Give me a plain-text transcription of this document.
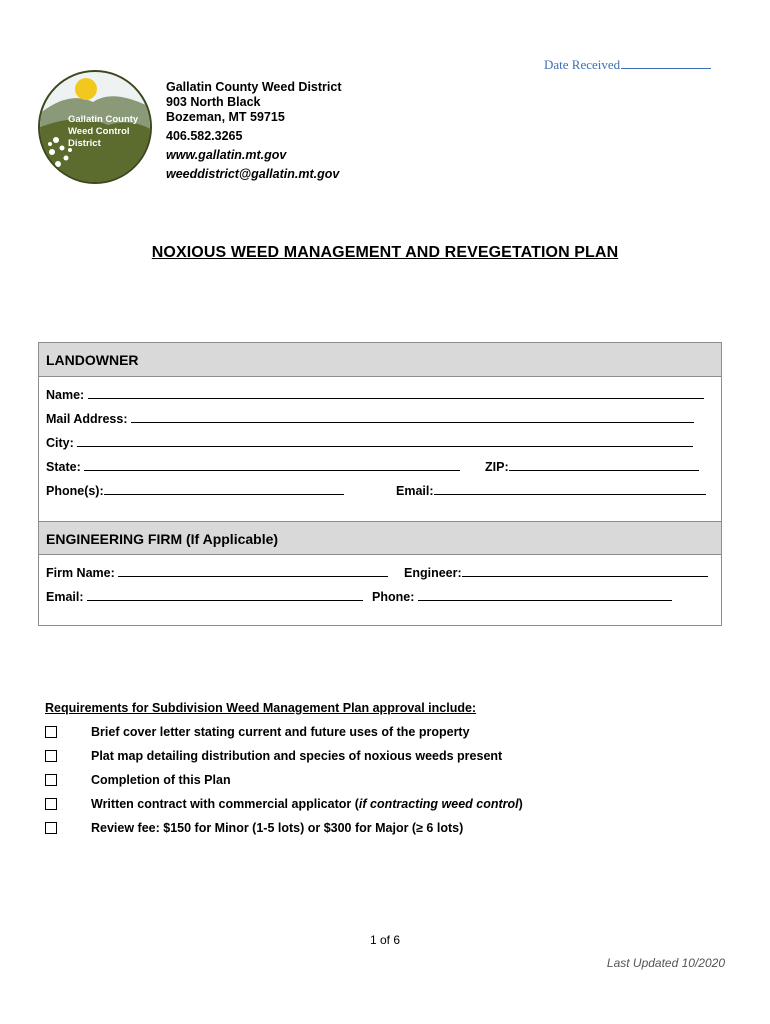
Date Received
Gallatin County
Weed Control
District
Gallatin County Weed District
903 North Black
Bozeman, MT 59715
406.582.3265
www.gallatin.mt.gov
weeddistrict@gallatin.mt.gov
NOXIOUS WEED MANAGEMENT AND REVEGETATION PLAN
LANDOWNER
Name:
Mail Address:
City:
State:	ZIP:
Phone(s):	Email:
ENGINEERING FIRM (If Applicable)
Firm Name:	Engineer:
Email:	Phone:
Requirements for Subdivision Weed Management Plan approval include:
Brief cover letter stating current and future uses of the property
Plat map detailing distribution and species of noxious weeds present
Completion of this Plan
Written contract with commercial applicator (if contracting weed control)
Review fee: $150 for Minor (1-5 lots) or $300 for Major (≥ 6 lots)
1 of 6
Last Updated 10/2020
